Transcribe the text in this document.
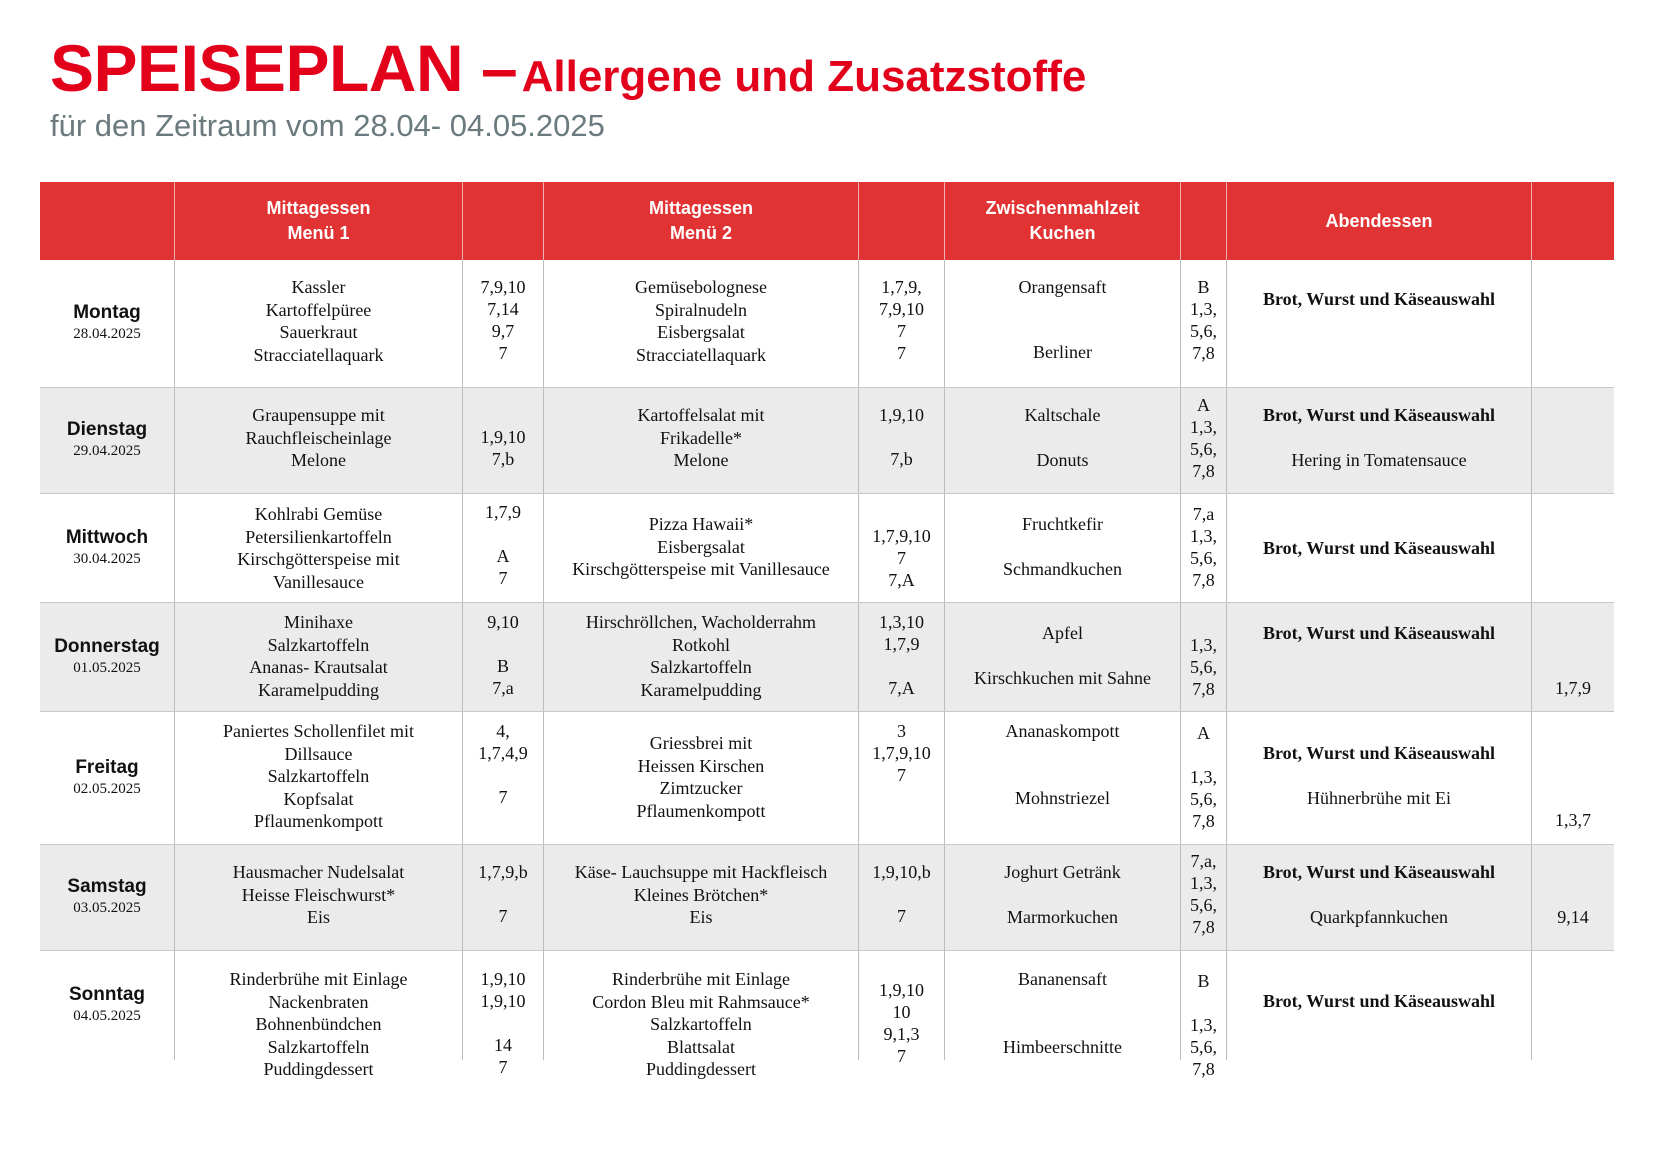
SPEISEPLAN – Allergene und Zusatzstoffe
für den Zeitraum vom 28.04- 04.05.2025
Mittagessen
Menü 1
Mittagessen
Menü 2
Zwischenmahlzeit
Kuchen
Abendessen
Montag
28.04.2025
Kassler
Kartoffelpüree
Sauerkraut
Stracciatellaquark
7,9,10
7,14
9,7
7
Gemüsebolognese
Spiralnudeln
Eisbergsalat
Stracciatellaquark
1,7,9,
7,9,10
7
7
Orangensaft
Berliner
B
1,3,
5,6,
7,8
Brot, Wurst und Käseauswahl
Dienstag
29.04.2025
Graupensuppe mit
Rauchfleischeinlage
Melone
1,9,10
7,b
Kartoffelsalat mit
Frikadelle*
Melone
1,9,10
7,b
Kaltschale
Donuts
A
1,3,
5,6,
7,8
Brot, Wurst und Käseauswahl
Hering in Tomatensauce
Mittwoch
30.04.2025
Kohlrabi Gemüse
Petersilienkartoffeln
Kirschgötterspeise mit
Vanillesauce
1,7,9
A
7
Pizza Hawaii*
Eisbergsalat
Kirschgötterspeise mit Vanillesauce
1,7,9,10
7
7,A
Fruchtkefir
Schmandkuchen
7,a
1,3,
5,6,
7,8
Brot, Wurst und Käseauswahl
Donnerstag
01.05.2025
Minihaxe
Salzkartoffeln
Ananas- Krautsalat
Karamelpudding
9,10
B
7,a
Hirschröllchen, Wacholderrahm
Rotkohl
Salzkartoffeln
Karamelpudding
1,3,10
1,7,9
7,A
Apfel
Kirschkuchen mit Sahne
1,3,
5,6,
7,8
Brot, Wurst und Käseauswahl
1,7,9
Freitag
02.05.2025
Paniertes Schollenfilet mit
Dillsauce
Salzkartoffeln
Kopfsalat
Pflaumenkompott
4,
1,7,4,9
7
Griessbrei mit
Heissen Kirschen
Zimtzucker
Pflaumenkompott
3
1,7,9,10
7
Ananaskompott
Mohnstriezel
A
1,3,
5,6,
7,8
Brot, Wurst und Käseauswahl
Hühnerbrühe mit Ei
1,3,7
Samstag
03.05.2025
Hausmacher Nudelsalat
Heisse Fleischwurst*
Eis
1,7,9,b
7
Käse- Lauchsuppe mit Hackfleisch
Kleines Brötchen*
Eis
1,9,10,b
7
Joghurt Getränk
Marmorkuchen
7,a,
1,3,
5,6,
7,8
Brot, Wurst und Käseauswahl
Quarkpfannkuchen	9,14
Sonntag
04.05.2025
Rinderbrühe mit Einlage
Nackenbraten
Bohnenbündchen
Salzkartoffeln
Puddingdessert
1,9,10
1,9,10
14
7
Rinderbrühe mit Einlage
Cordon Bleu mit Rahmsauce*
Salzkartoffeln
Blattsalat
Puddingdessert
1,9,10
10
9,1,3
7
Bananensaft
Himbeerschnitte
B
1,3,
5,6,
7,8
Brot, Wurst und Käseauswahl
